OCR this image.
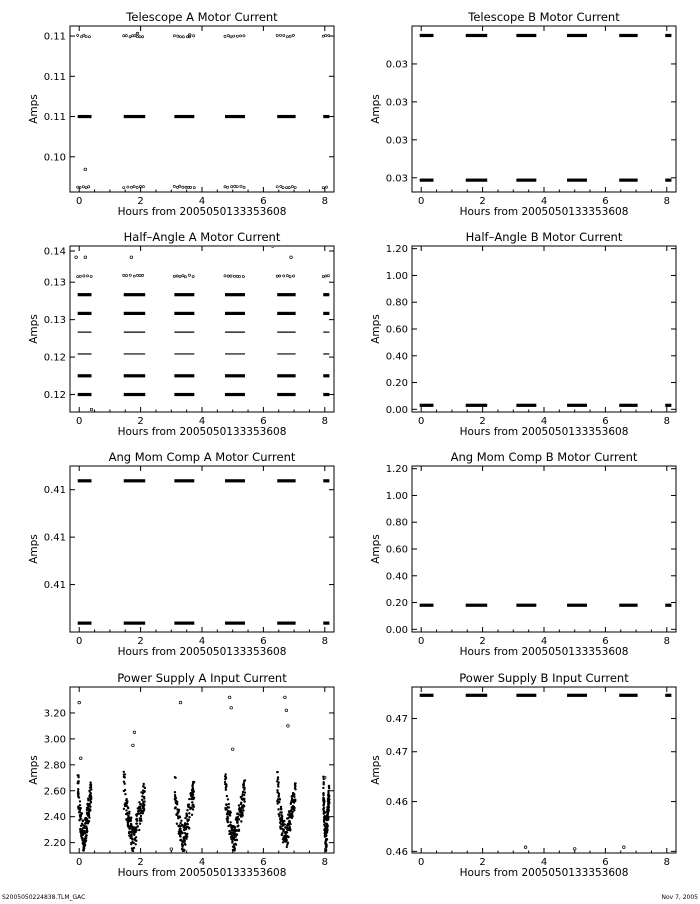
Telescope A Motor Current
0	2	4	6	8
0.10
0.11
0.11
0.11
Hours from 2005050133353608
Amps
Telescope B Motor Current
0	2	4	6	8
0.03
0.03
0.03
0.03
Hours from 2005050133353608
Amps
Half–Angle A Motor Current
0	2	4	6	8
0.12
0.12
0.13
0.13
0.14
Hours from 2005050133353608
Amps
Half–Angle B Motor Current
0	2	4	6	8
0.00
0.20
0.40
0.60
0.80
1.00
1.20
Hours from 2005050133353608
Amps
Ang Mom Comp A Motor Current
0	2	4	6	8
0.41
0.41
0.41
Hours from 2005050133353608
Amps
Ang Mom Comp B Motor Current
0	2	4	6	8
0.00
0.20
0.40
0.60
0.80
1.00
1.20
Hours from 2005050133353608
Amps
Power Supply A Input Current
0	2	4	6	8
2.20
2.40
2.60
2.80
3.00
3.20
Hours from 2005050133353608
Amps
Power Supply B Input Current
0	2	4	6	8
0.46
0.46
0.47
0.47
Hours from 2005050133353608
Amps
S2005050224838.TLM_GAC	Nov 7, 2005
